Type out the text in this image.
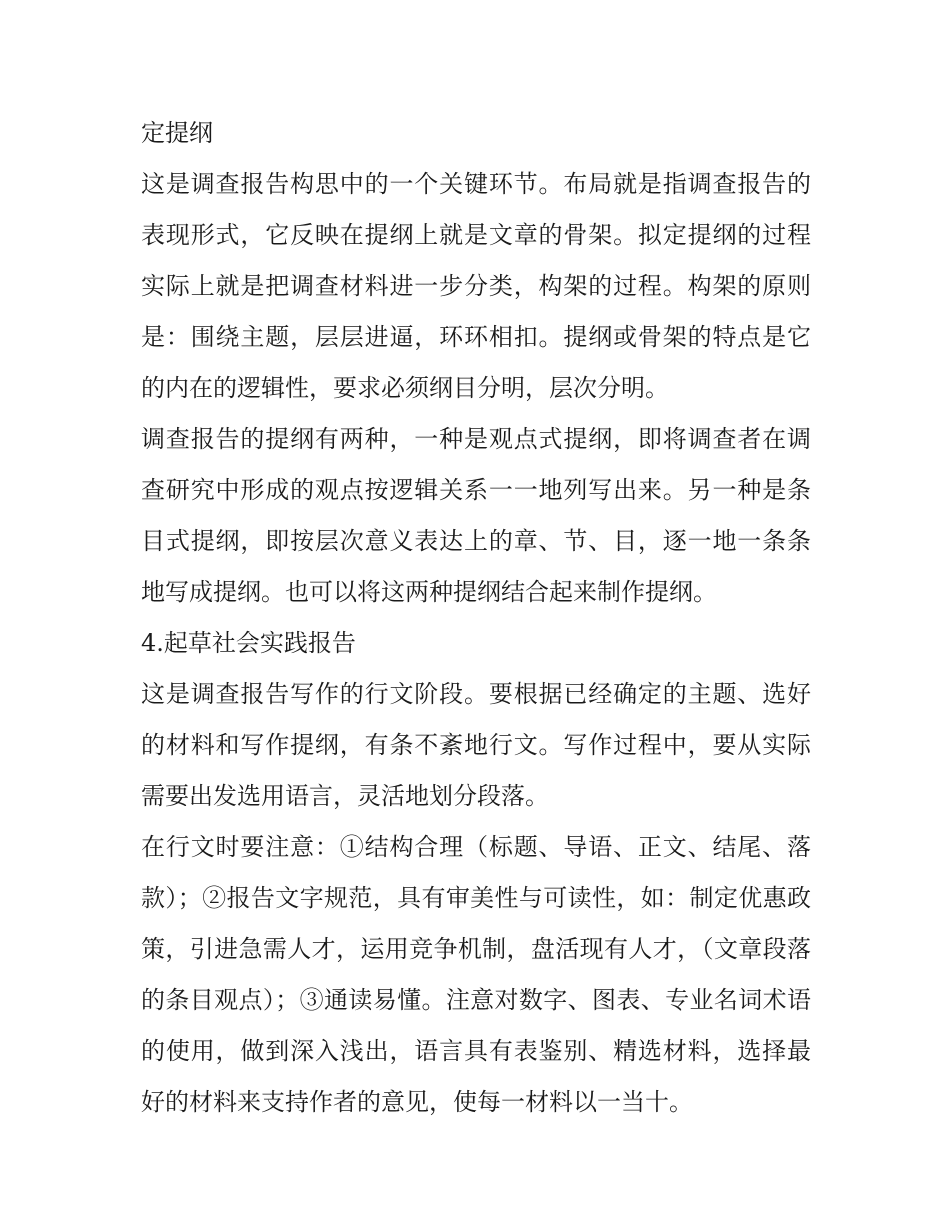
定提纲

这是调查报告构思中的一个关键环节。布局就是指调查报告的表现形式，它反映在提纲上就是文章的骨架。拟定提纲的过程实际上就是把调查材料进一步分类，构架的过程。构架的原则是：围绕主题，层层进逼，环环相扣。提纲或骨架的特点是它的内在的逻辑性，要求必须纲目分明，层次分明。

调查报告的提纲有两种，一种是观点式提纲，即将调查者在调查研究中形成的观点按逻辑关系一一地列写出来。另一种是条目式提纲，即按层次意义表达上的章、节、目，逐一地一条条地写成提纲。也可以将这两种提纲结合起来制作提纲。

4.起草社会实践报告

这是调查报告写作的行文阶段。要根据已经确定的主题、选好的材料和写作提纲，有条不紊地行文。写作过程中，要从实际需要出发选用语言，灵活地划分段落。

在行文时要注意：①结构合理（标题、导语、正文、结尾、落款）；②报告文字规范，具有审美性与可读性，如：制定优惠政策，引进急需人才，运用竞争机制，盘活现有人才，（文章段落的条目观点）；③通读易懂。注意对数字、图表、专业名词术语的使用，做到深入浅出，语言具有表鉴别、精选材料，选择最好的材料来支持作者的意见，使每一材料以一当十。
